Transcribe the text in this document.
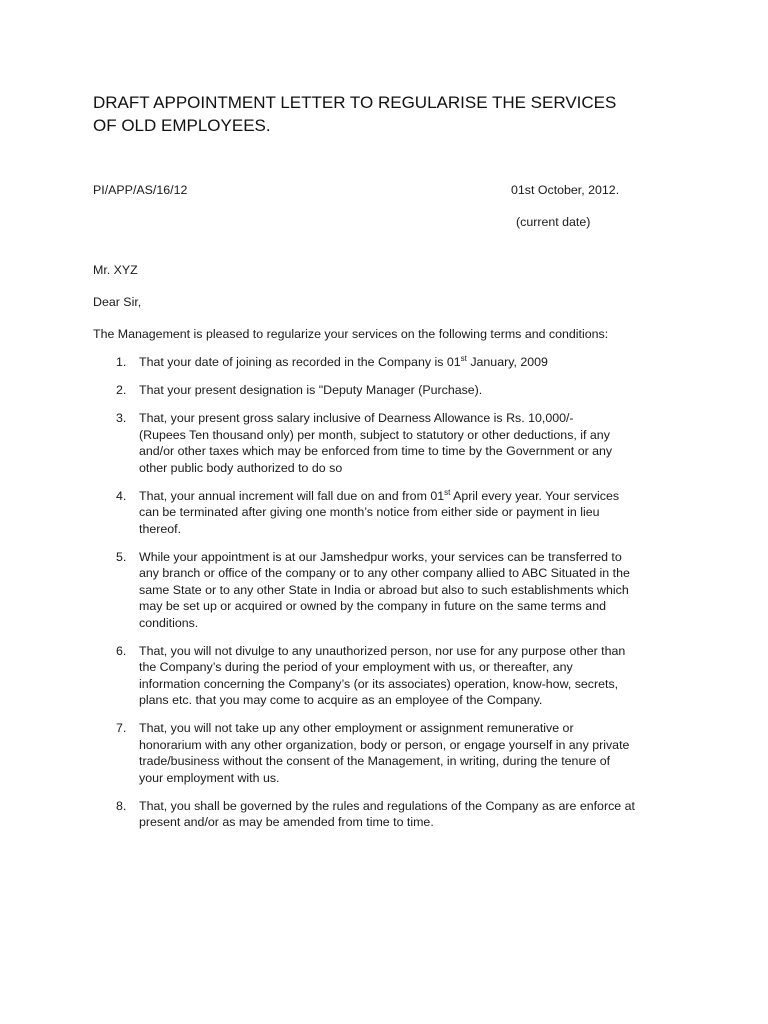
DRAFT APPOINTMENT LETTER TO REGULARISE THE SERVICES
OF OLD EMPLOYEES.

PI/APP/AS/16/12	01st October, 2012.

(current date)

Mr. XYZ

Dear Sir,

The Management is pleased to regularize your services on the following terms and conditions:

1.	That your date of joining as recorded in the Company is 01st January, 2009
2.	That your present designation is "Deputy Manager (Purchase).
3.	That, your present gross salary inclusive of Dearness Allowance is Rs. 10,000/-
(Rupees Ten thousand only) per month, subject to statutory or other deductions, if any
and/or other taxes which may be enforced from time to time by the Government or any
other public body authorized to do so
4.	That, your annual increment will fall due on and from 01st April every year. Your services
can be terminated after giving one month’s notice from either side or payment in lieu
thereof.
5.	While your appointment is at our Jamshedpur works, your services can be transferred to
any branch or office of the company or to any other company allied to ABC Situated in the
same State or to any other State in India or abroad but also to such establishments which
may be set up or acquired or owned by the company in future on the same terms and
conditions.
6.	That, you will not divulge to any unauthorized person, nor use for any purpose other than
the Company’s during the period of your employment with us, or thereafter, any
information concerning the Company’s (or its associates) operation, know-how, secrets,
plans etc. that you may come to acquire as an employee of the Company.
7.	That, you will not take up any other employment or assignment remunerative or
honorarium with any other organization, body or person, or engage yourself in any private
trade/business without the consent of the Management, in writing, during the tenure of
your employment with us.
8.	That, you shall be governed by the rules and regulations of the Company as are enforce at
present and/or as may be amended from time to time.
